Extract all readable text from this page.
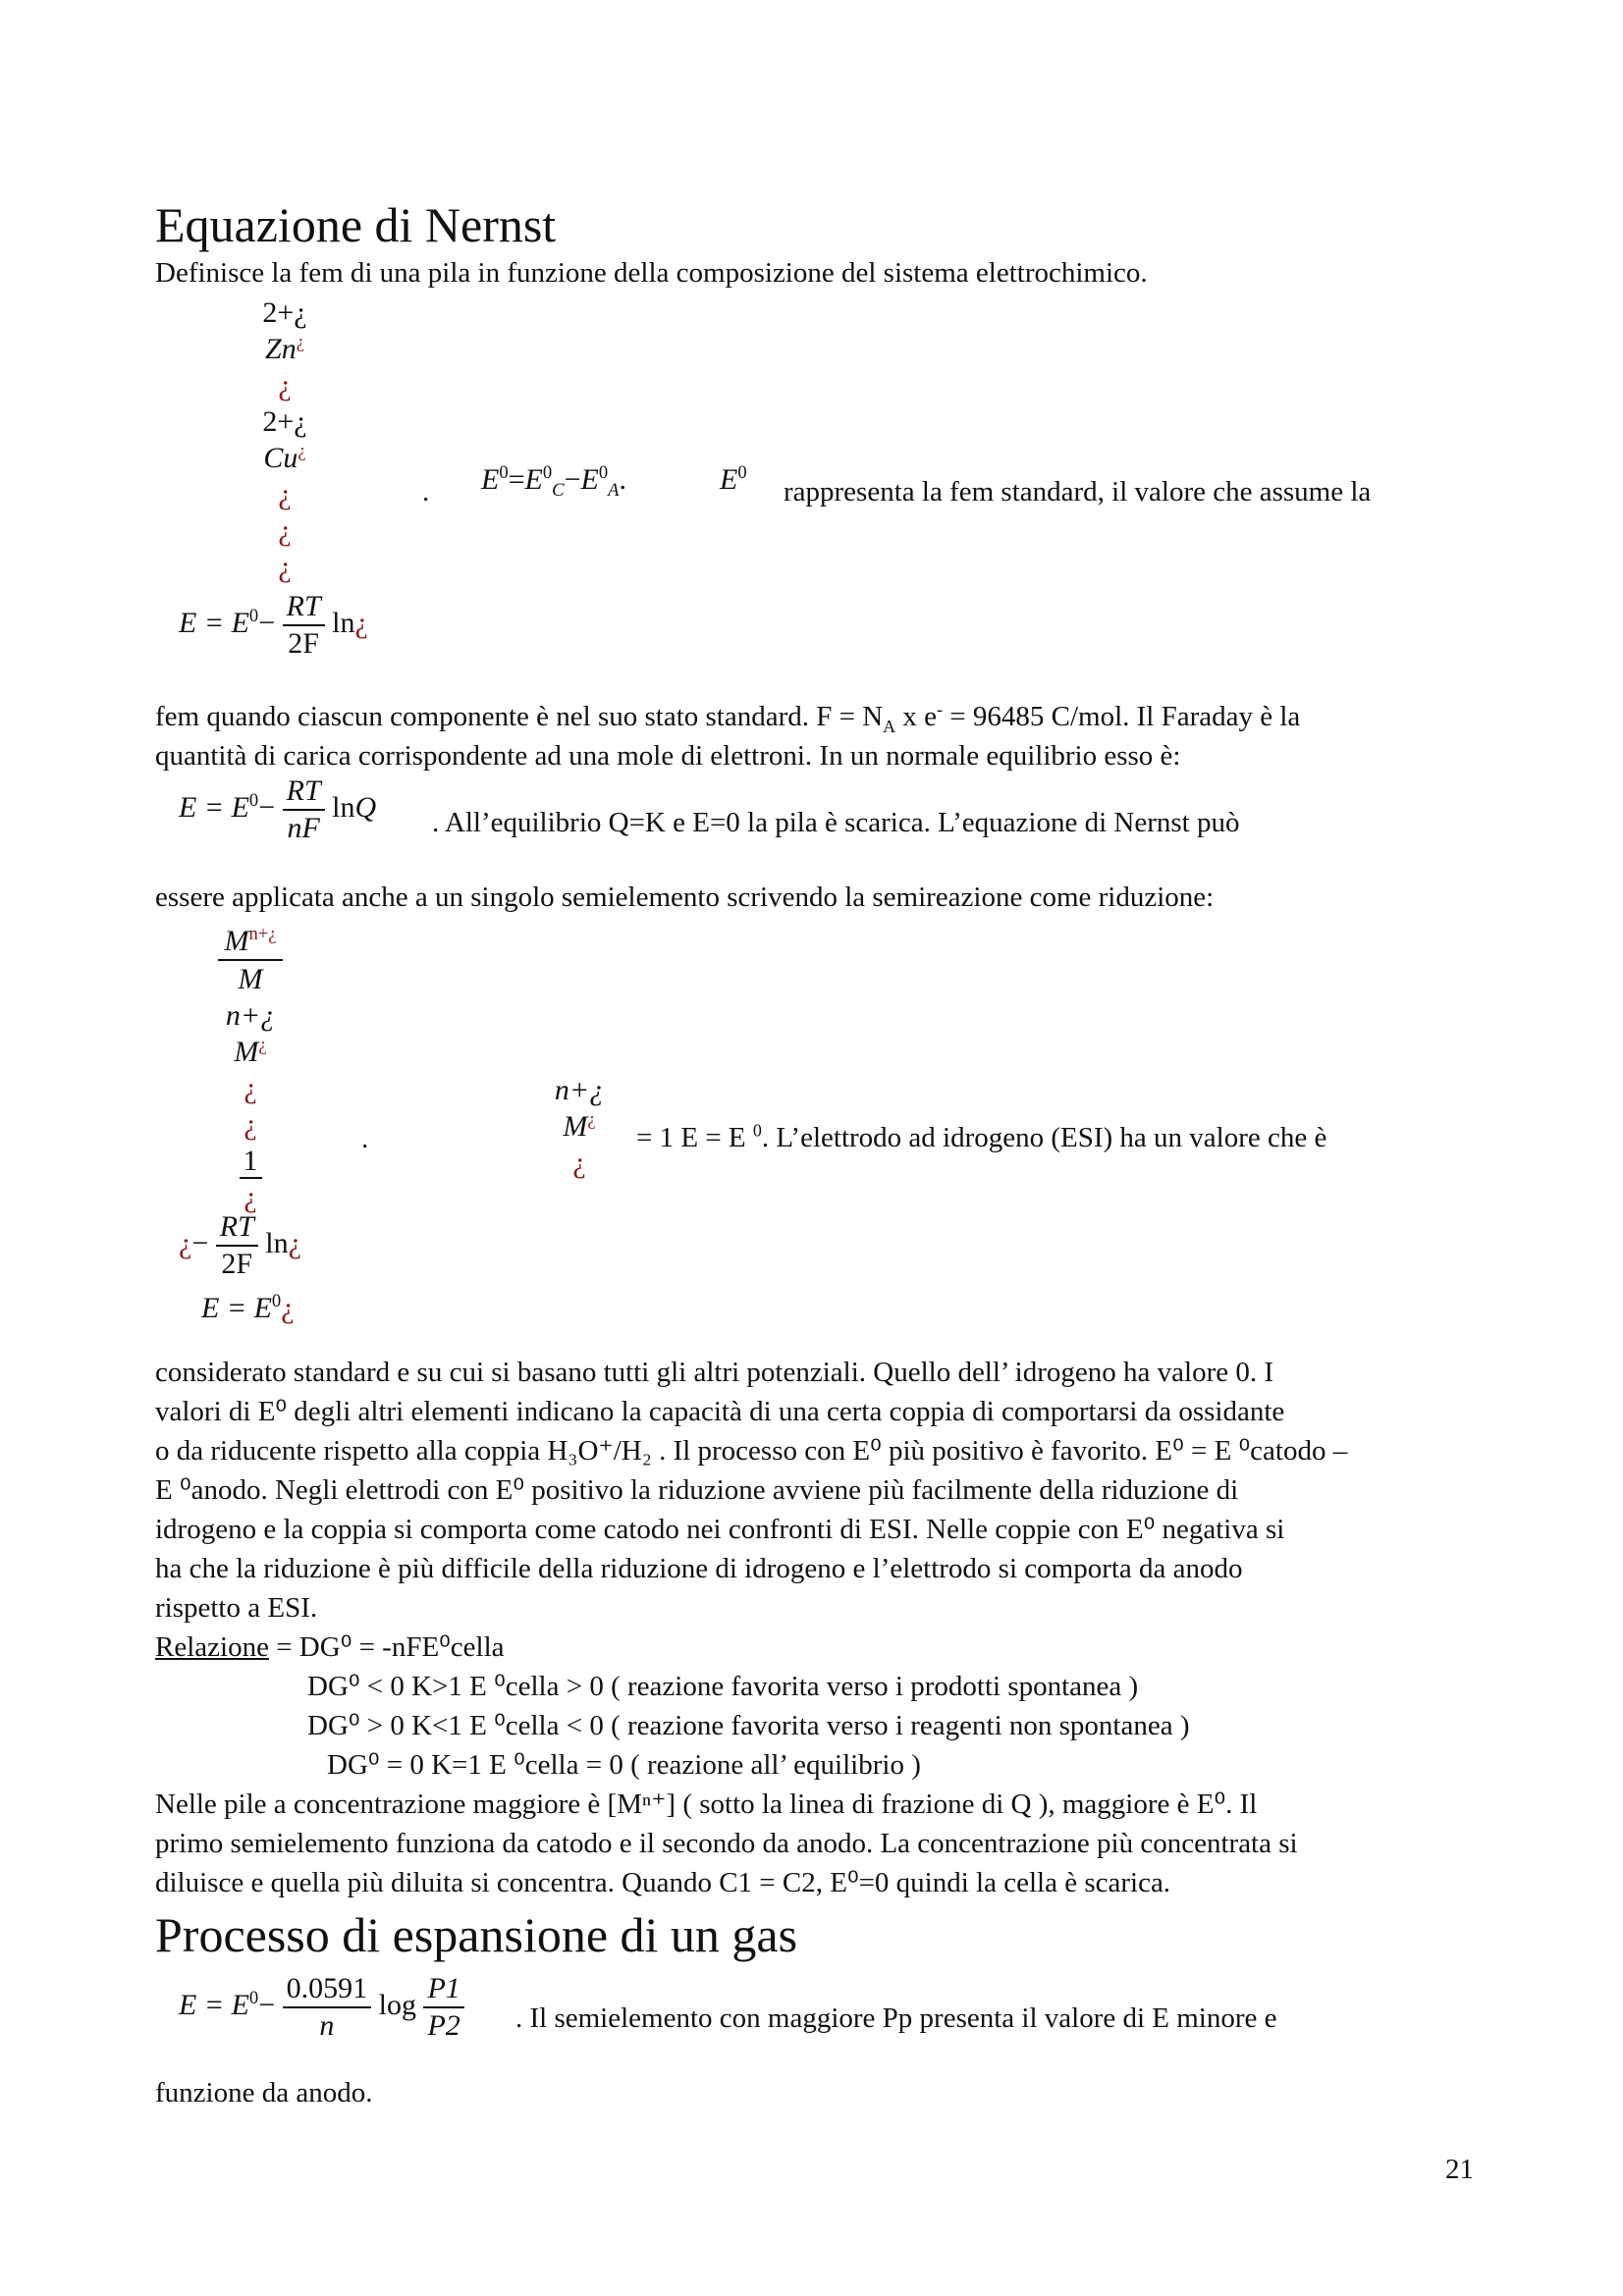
Equazione di Nernst
Definisce la fem di una pila in funzione della composizione del sistema elettrochimico.
2+¿
Zn¿
¿
2+¿
Cu¿
¿
¿
¿
$E = E^0- \frac{RT}{2F}$ ln¿
. $E^0=E^0_C-E^0_A$.	$E^0$
rappresenta la fem standard, il valore che assume la
fem quando ciascun componente è nel suo stato standard. $F = N_A$ x e- = 96485 C/mol. Il Faraday è la
quantità di carica corrispondente ad una mole di elettroni. In un normale equilibrio esso è:
$E = E^0- \frac{RT}{nF}$ lnQ . All’equilibrio Q=K e E=0 la pila è scarica. L’equazione di Nernst può
essere applicata anche a un singolo semielemento scrivendo la semireazione come riduzione:
$M^{n+¿}$
M
n+¿
M¿
¿
¿
1
¿
¿− $\frac{RT}{2F}$ ln¿
$E = E^0¿$
.
n+¿
M¿
¿
= 1 E = E $^0$. L’elettrodo ad idrogeno (ESI) ha un valore che è
considerato standard e su cui si basano tutti gli altri potenziali. Quello dell’ idrogeno ha valore 0. I
valori di E⁰ degli altri elementi indicano la capacità di una certa coppia di comportarsi da ossidante
o da riducente rispetto alla coppia H₃O⁺/H₂ . Il processo con E⁰ più positivo è favorito. E⁰ = E ⁰catodo –
E ⁰anodo. Negli elettrodi con E⁰ positivo la riduzione avviene più facilmente della riduzione di
idrogeno e la coppia si comporta come catodo nei confronti di ESI. Nelle coppie con E⁰ negativa si
ha che la riduzione è più difficile della riduzione di idrogeno e l’elettrodo si comporta da anodo
rispetto a ESI.
Relazione = DG⁰ = -nFE⁰cella
DG⁰ < 0 K>1 E ⁰cella > 0 ( reazione favorita verso i prodotti spontanea )
DG⁰ > 0 K<1 E ⁰cella < 0 ( reazione favorita verso i reagenti non spontanea )
DG⁰ = 0 K=1 E ⁰cella = 0 ( reazione all’ equilibrio )
Nelle pile a concentrazione maggiore è [Mⁿ⁺] ( sotto la linea di frazione di Q ), maggiore è E⁰. Il
primo semielemento funziona da catodo e il secondo da anodo. La concentrazione più concentrata si
diluisce e quella più diluita si concentra. Quando C1 = C2, E⁰=0 quindi la cella è scarica.
Processo di espansione di un gas
$E = E^0- \frac{0.0591}{n}$ $\log \frac{P1}{P2}$ . Il semielemento con maggiore Pp presenta il valore di E minore e
funzione da anodo.
21
